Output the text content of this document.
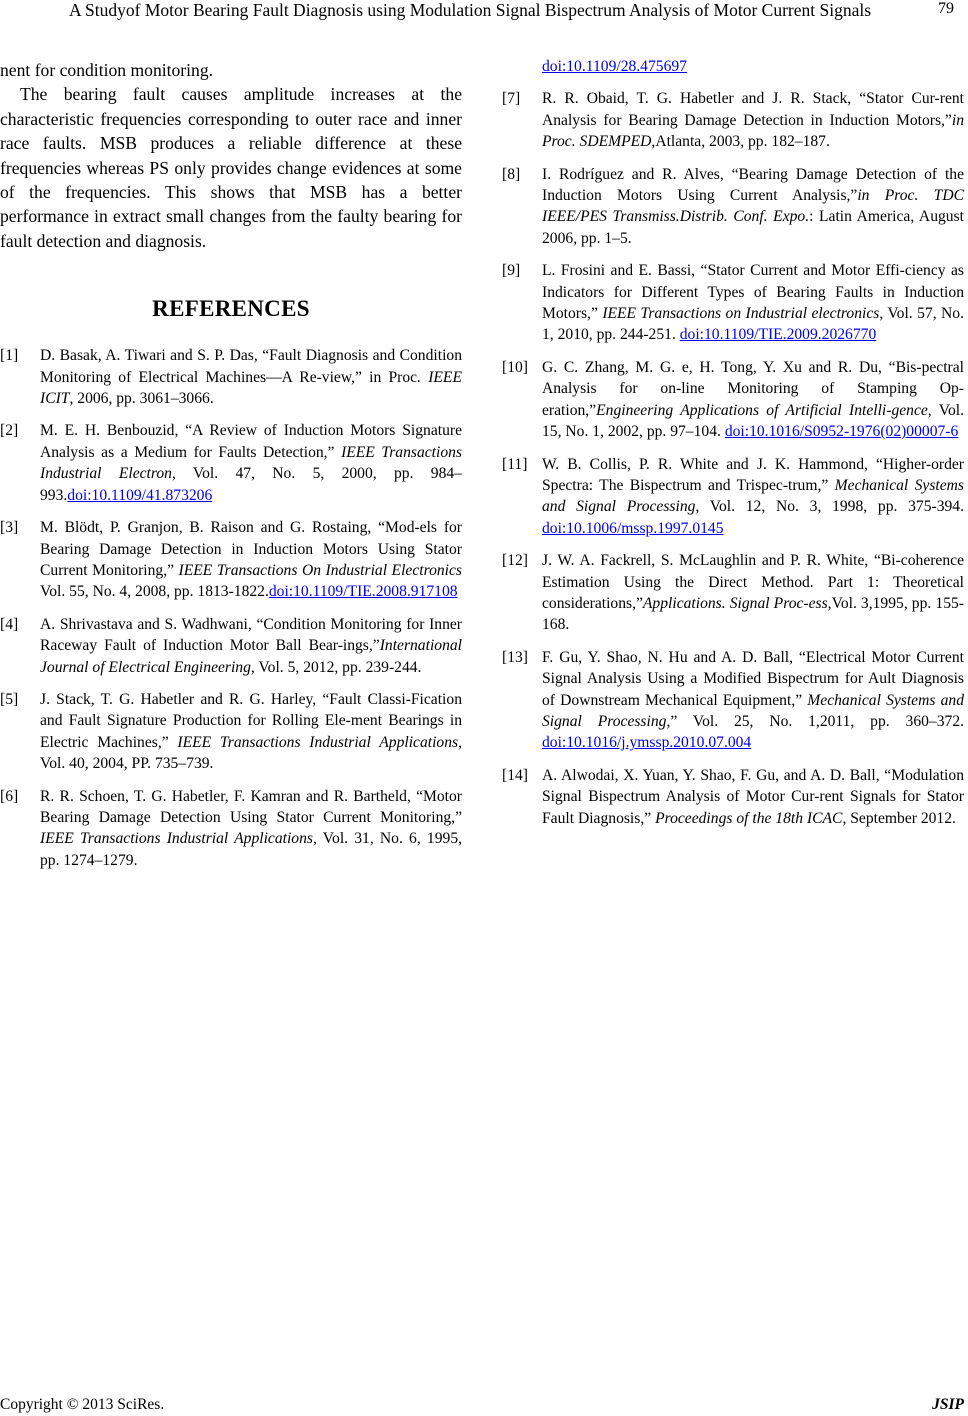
A Studyof Motor Bearing Fault Diagnosis using Modulation Signal Bispectrum Analysis of Motor Current Signals	79

nent for condition monitoring.

The bearing fault causes amplitude increases at the characteristic frequencies corresponding to outer race and inner race faults. MSB produces a reliable difference at these frequencies whereas PS only provides change evidences at some of the frequencies. This shows that MSB has a better performance in extract small changes from the faulty bearing for fault detection and diagnosis.

REFERENCES
[1] D. Basak, A. Tiwari and S. P. Das, “Fault Diagnosis and Condition Monitoring of Electrical Machines—A Re-view,” in Proc. IEEE ICIT, 2006, pp. 3061–3066.
[2] M. E. H. Benbouzid, “A Review of Induction Motors Signature Analysis as a Medium for Faults Detection,” IEEE Transactions Industrial Electron, Vol. 47, No. 5, 2000, pp. 984–993.doi:10.1109/41.873206
[3] M. Blödt, P. Granjon, B. Raison and G. Rostaing, “Mod-els for Bearing Damage Detection in Induction Motors Using Stator Current Monitoring,” IEEE Transactions On Industrial Electronics Vol. 55, No. 4, 2008, pp. 1813-1822.doi:10.1109/TIE.2008.917108
[4] A. Shrivastava and S. Wadhwani, “Condition Monitoring for Inner Raceway Fault of Induction Motor Ball Bear-ings,”International Journal of Electrical Engineering, Vol. 5, 2012, pp. 239-244.
[5] J. Stack, T. G. Habetler and R. G. Harley, “Fault Classi-Fication and Fault Signature Production for Rolling Ele-ment Bearings in Electric Machines,” IEEE Transactions Industrial Applications, Vol. 40, 2004, PP. 735–739.
[6] R. R. Schoen, T. G. Habetler, F. Kamran and R. Bartheld, “Motor Bearing Damage Detection Using Stator Current Monitoring,” IEEE Transactions Industrial Applications, Vol. 31, No. 6, 1995, pp. 1274–1279.
doi:10.1109/28.475697
[7] R. R. Obaid, T. G. Habetler and J. R. Stack, “Stator Cur-rent Analysis for Bearing Damage Detection in Induction Motors,”in Proc. SDEMPED,Atlanta, 2003, pp. 182–187.
[8] I. Rodríguez and R. Alves, “Bearing Damage Detection of the Induction Motors Using Current Analysis,”in Proc. TDC IEEE/PES Transmiss.Distrib. Conf. Expo.: Latin America, August 2006, pp. 1–5.
[9] L. Frosini and E. Bassi, “Stator Current and Motor Effi-ciency as Indicators for Different Types of Bearing Faults in Induction Motors,” IEEE Transactions on Industrial electronics, Vol. 57, No. 1, 2010, pp. 244-251. doi:10.1109/TIE.2009.2026770
[10] G. C. Zhang, M. G. e, H. Tong, Y. Xu and R. Du, “Bis-pectral Analysis for on-line Monitoring of Stamping Op-eration,”Engineering Applications of Artificial Intelli-gence, Vol. 15, No. 1, 2002, pp. 97–104. doi:10.1016/S0952-1976(02)00007-6
[11] W. B. Collis, P. R. White and J. K. Hammond, “Higher-order Spectra: The Bispectrum and Trispec-trum,” Mechanical Systems and Signal Processing, Vol. 12, No. 3, 1998, pp. 375-394. doi:10.1006/mssp.1997.0145
[12] J. W. A. Fackrell, S. McLaughlin and P. R. White, “Bi-coherence Estimation Using the Direct Method. Part 1: Theoretical considerations,”Applications. Signal Proc-ess,Vol. 3,1995, pp. 155-168.
[13] F. Gu, Y. Shao, N. Hu and A. D. Ball, “Electrical Motor Current Signal Analysis Using a Modified Bispectrum for Ault Diagnosis of Downstream Mechanical Equipment,” Mechanical Systems and Signal Processing,” Vol. 25, No. 1,2011, pp. 360–372. doi:10.1016/j.ymssp.2010.07.004
[14] A. Alwodai, X. Yuan, Y. Shao, F. Gu, and A. D. Ball, “Modulation Signal Bispectrum Analysis of Motor Cur-rent Signals for Stator Fault Diagnosis,” Proceedings of the 18th ICAC, September 2012.
Copyright © 2013 SciRes.	JSIP
